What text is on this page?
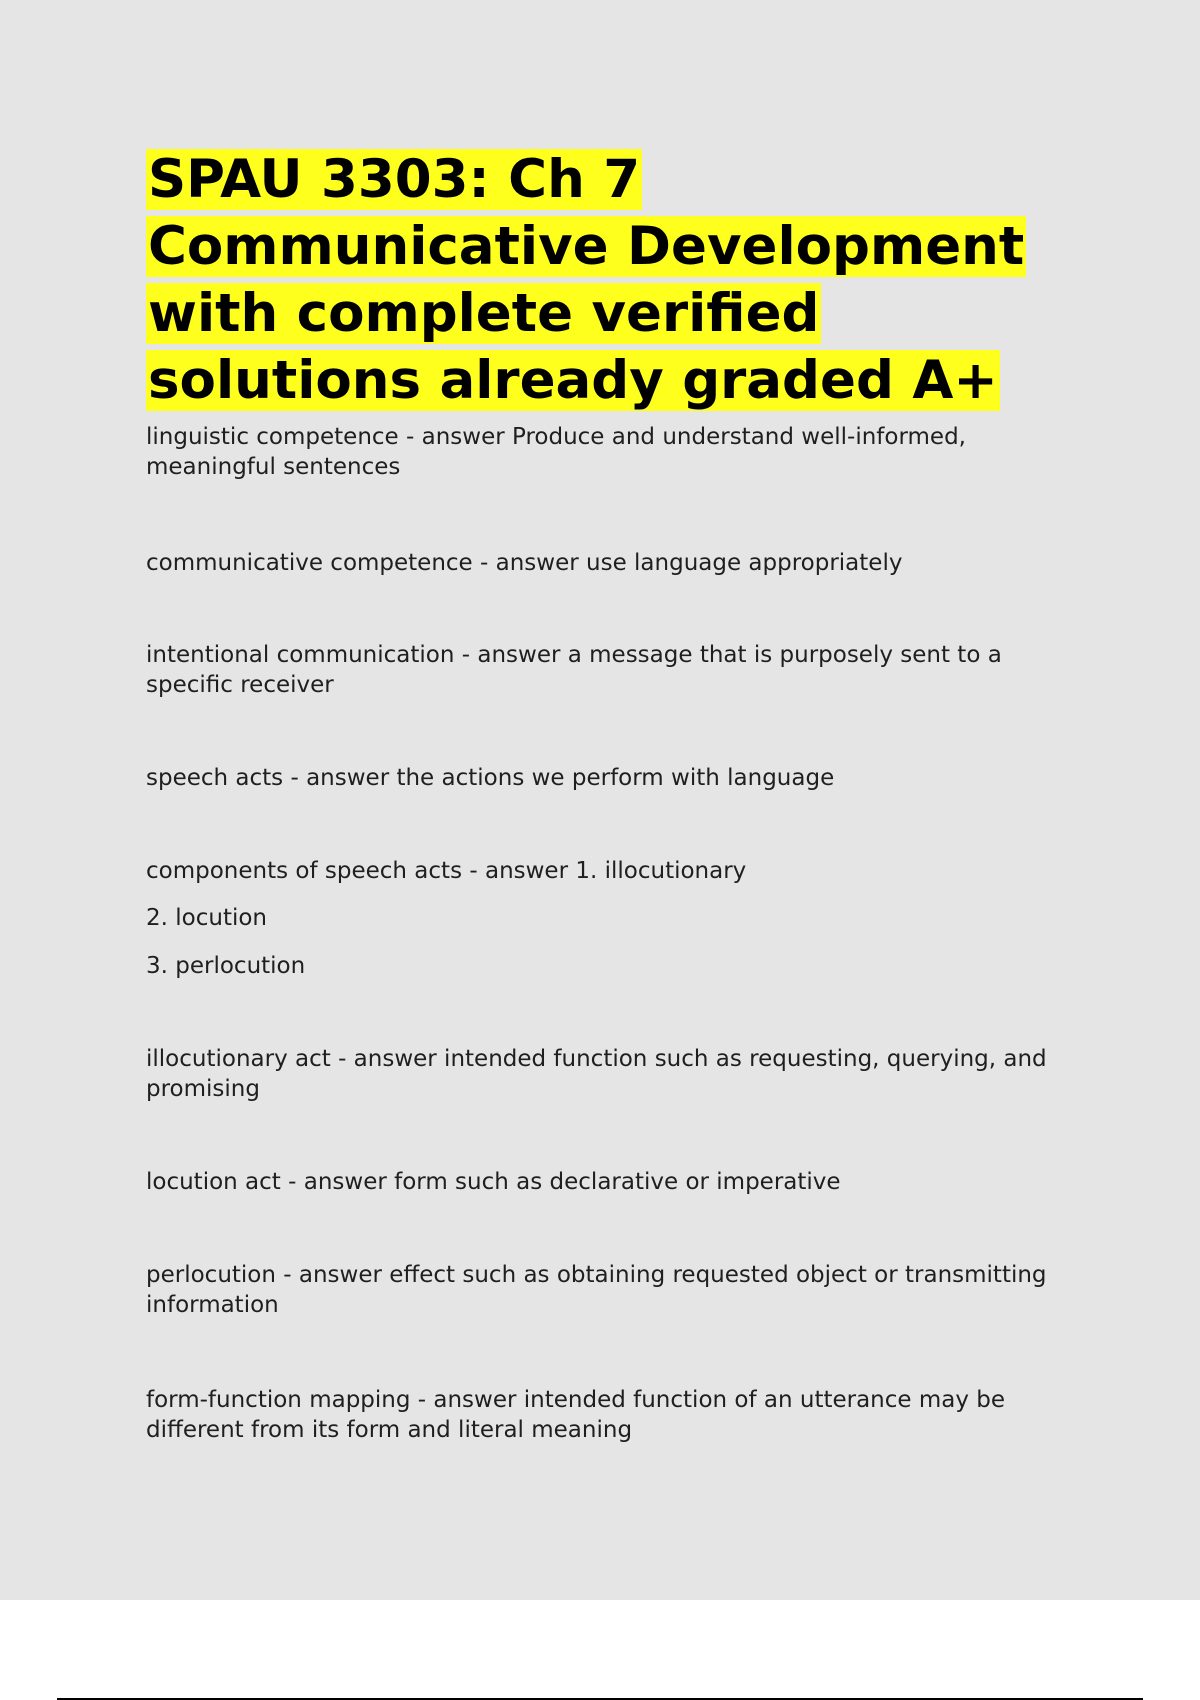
SPAU 3303: Ch 7 Communicative Development with complete verified solutions already graded A+

linguistic competence - answer Produce and understand well-informed, meaningful sentences

communicative competence - answer use language appropriately

intentional communication - answer a message that is purposely sent to a specific receiver

speech acts - answer the actions we perform with language

components of speech acts - answer 1. illocutionary

2. locution

3. perlocution

illocutionary act - answer intended function such as requesting, querying, and promising

locution act - answer form such as declarative or imperative

perlocution - answer effect such as obtaining requested object or transmitting information

form-function mapping - answer intended function of an utterance may be different from its form and literal meaning
